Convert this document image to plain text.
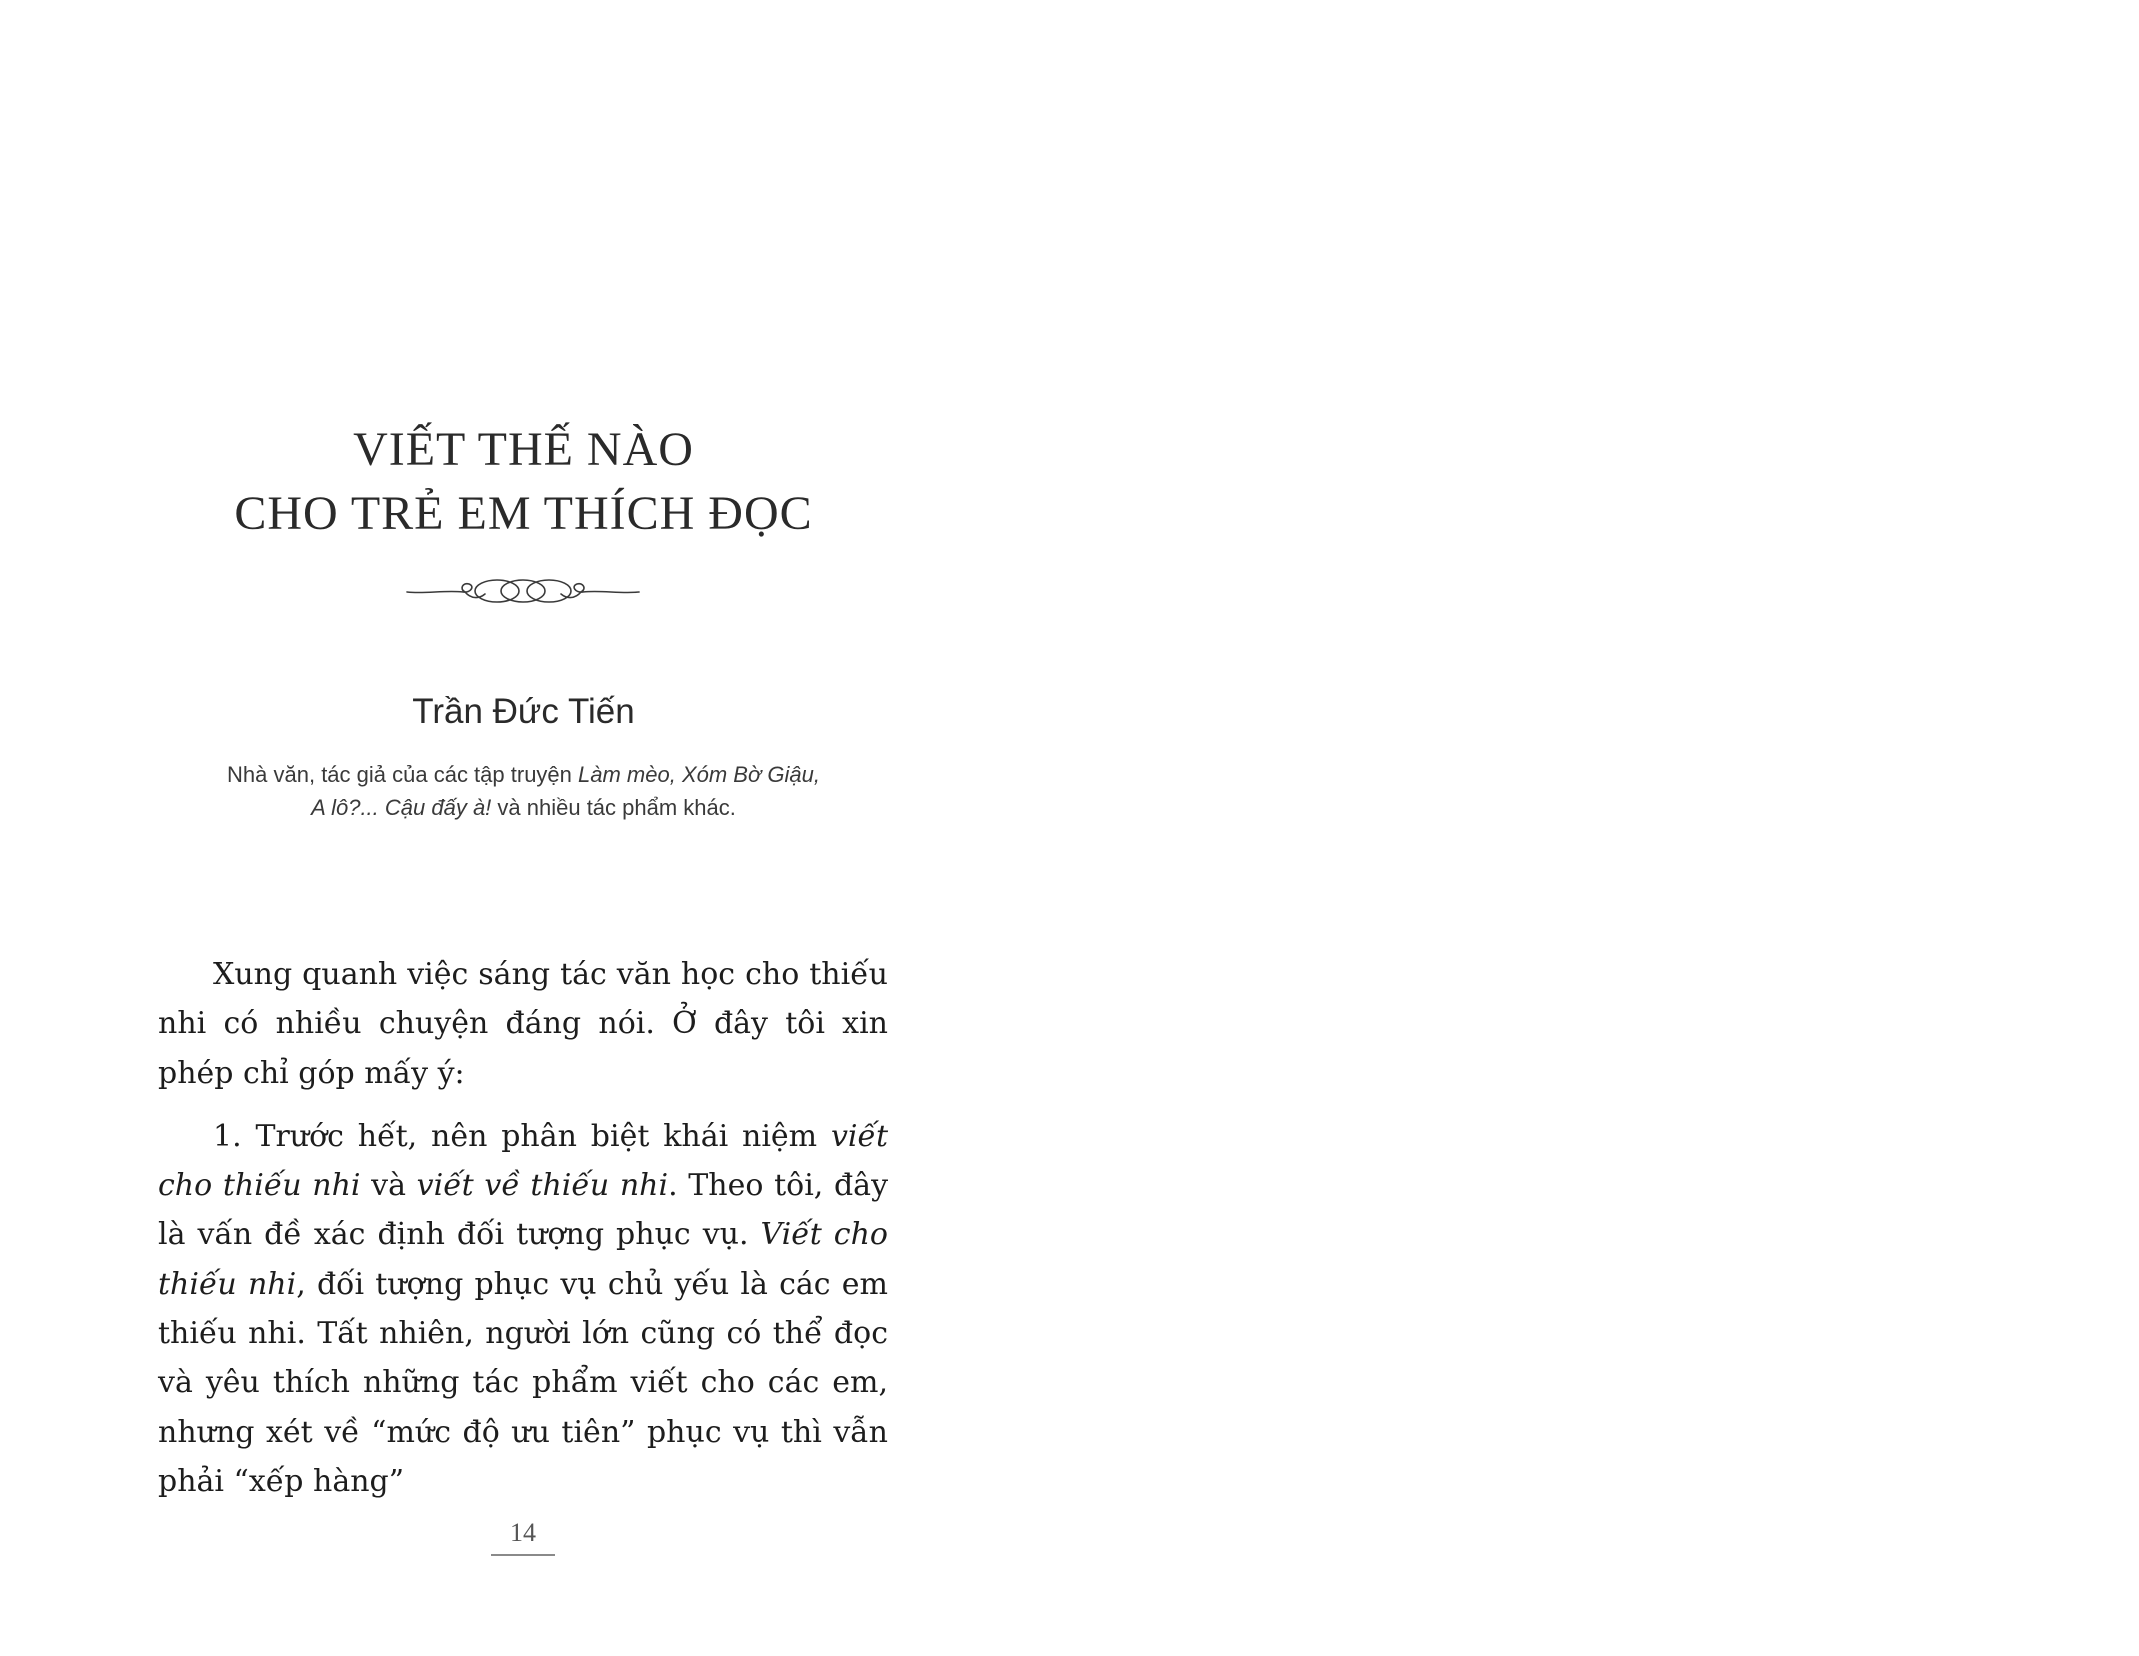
VIẾT THẾ NÀO
CHO TRẺ EM THÍCH ĐỌC
Trần Đức Tiến
Nhà văn, tác giả của các tập truyện Làm mèo, Xóm Bờ Giậu,
A lô?... Cậu đấy à! và nhiều tác phẩm khác.

Xung quanh việc sáng tác văn học cho thiếu nhi có nhiều chuyện đáng nói. Ở đây tôi xin phép chỉ góp mấy ý:

1. Trước hết, nên phân biệt khái niệm viết cho thiếu nhi và viết về thiếu nhi. Theo tôi, đây là vấn đề xác định đối tượng phục vụ. Viết cho thiếu nhi, đối tượng phục vụ chủ yếu là các em thiếu nhi. Tất nhiên, người lớn cũng có thể đọc và yêu thích những tác phẩm viết cho các em, nhưng xét về “mức độ ưu tiên” phục vụ thì vẫn phải “xếp hàng”

14
